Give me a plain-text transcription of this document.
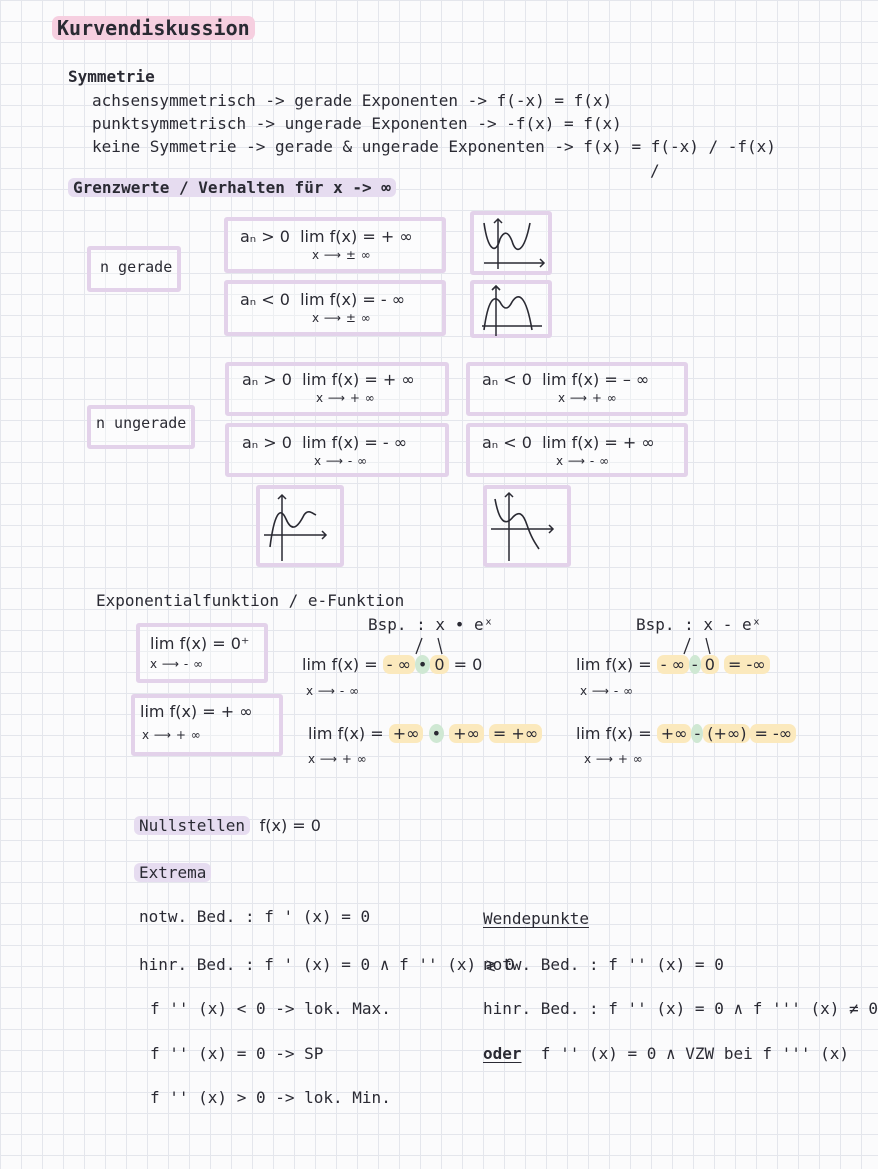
Kurvendiskussion
Symmetrie
achsensymmetrisch -> gerade Exponenten -> f(-x) = f(x)
punktsymmetrisch -> ungerade Exponenten -> -f(x) = f(x)
keine Symmetrie -> gerade & ungerade Exponenten -> f(x) = f(-x) / -f(x)
/
Grenzwerte / Verhalten für x -> ∞
n gerade
n ungerade
aₙ > 0 lim f(x) = + ∞
x ⟶ ± ∞
aₙ < 0 lim f(x) = - ∞
x ⟶ ± ∞
aₙ > 0 lim f(x) = + ∞
x ⟶ + ∞
aₙ > 0 lim f(x) = - ∞
x ⟶ - ∞
aₙ < 0 lim f(x) = – ∞
x ⟶ + ∞
aₙ < 0 lim f(x) = + ∞
x ⟶ - ∞
Exponentialfunktion / e-Funktion
lim f(x) = 0⁺
x ⟶ - ∞
lim f(x) = + ∞
x ⟶ + ∞
Bsp. : x • eˣ
lim f(x) = - ∞ • 0 = 0
x ⟶ - ∞
lim f(x) = +∞ • +∞ = +∞
x ⟶ + ∞
Bsp. : x - eˣ
lim f(x) = - ∞ - 0 = -∞
x ⟶ - ∞
lim f(x) = +∞ - (+∞) = -∞
x ⟶ + ∞
Nullstellen f(x) = 0
Extrema
notw. Bed. : f ' (x) = 0
hinr. Bed. : f ' (x) = 0 ∧ f '' (x) ≷ 0
f '' (x) < 0 -> lok. Max.
f '' (x) = 0 -> SP
f '' (x) > 0 -> lok. Min.
Wendepunkte
notw. Bed. : f '' (x) = 0
hinr. Bed. : f '' (x) = 0 ∧ f ''' (x) ≠ 0
oder f '' (x) = 0 ∧ VZW bei f ''' (x)
